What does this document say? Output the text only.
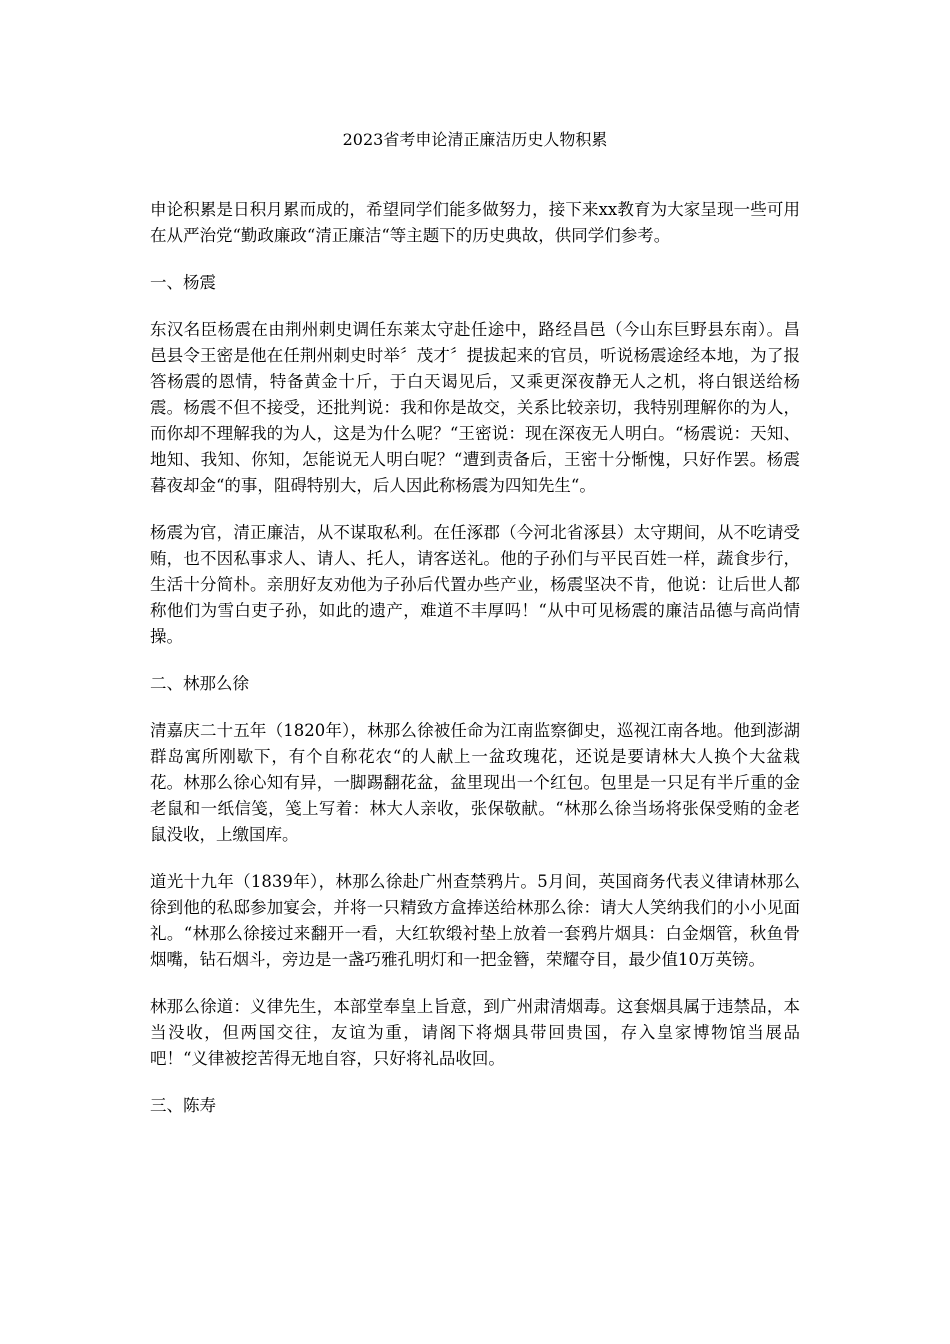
2023省考申论清正廉洁历史人物积累

申论积累是日积月累而成的，希望同学们能多做努力，接下来xx教育为大家呈现一些可用在从严治党“勤政廉政“清正廉洁“等主题下的历史典故，供同学们参考。

一、杨震

东汉名臣杨震在由荆州刺史调任东莱太守赴任途中，路经昌邑（今山东巨野县东南）。昌邑县令王密是他在任荆州刺史时举〞茂才〞提拔起来的官员，听说杨震途经本地，为了报答杨震的恩情，特备黄金十斤，于白天谒见后，又乘更深夜静无人之机，将白银送给杨震。杨震不但不接受，还批判说：我和你是故交，关系比较亲切，我特别理解你的为人，而你却不理解我的为人，这是为什么呢？“王密说：现在深夜无人明白。“杨震说：天知、地知、我知、你知，怎能说无人明白呢？“遭到责备后，王密十分惭愧，只好作罢。杨震暮夜却金“的事，阻碍特别大，后人因此称杨震为四知先生“。

杨震为官，清正廉洁，从不谋取私利。在任涿郡（今河北省涿县）太守期间，从不吃请受贿，也不因私事求人、请人、托人，请客送礼。他的子孙们与平民百姓一样，蔬食步行，生活十分简朴。亲朋好友劝他为子孙后代置办些产业，杨震坚决不肯，他说：让后世人都称他们为雪白吏子孙，如此的遗产，难道不丰厚吗！“从中可见杨震的廉洁品德与高尚情操。

二、林那么徐

清嘉庆二十五年（1820年），林那么徐被任命为江南监察御史，巡视江南各地。他到澎湖群岛寓所刚歇下，有个自称花农“的人献上一盆玫瑰花，还说是要请林大人换个大盆栽花。林那么徐心知有异，一脚踢翻花盆，盆里现出一个红包。包里是一只足有半斤重的金老鼠和一纸信笺，笺上写着：林大人亲收，张保敬献。“林那么徐当场将张保受贿的金老鼠没收，上缴国库。

道光十九年（1839年），林那么徐赴广州查禁鸦片。5月间，英国商务代表义律请林那么徐到他的私邸参加宴会，并将一只精致方盒捧送给林那么徐：请大人笑纳我们的小小见面礼。“林那么徐接过来翻开一看，大红软缎衬垫上放着一套鸦片烟具：白金烟管，秋鱼骨烟嘴，钻石烟斗，旁边是一盏巧雅孔明灯和一把金簪，荣耀夺目，最少值10万英镑。

林那么徐道：义律先生，本部堂奉皇上旨意，到广州肃清烟毒。这套烟具属于违禁品，本当没收，但两国交往，友谊为重，请阁下将烟具带回贵国，存入皇家博物馆当展品吧！“义律被挖苦得无地自容，只好将礼品收回。

三、陈寿
